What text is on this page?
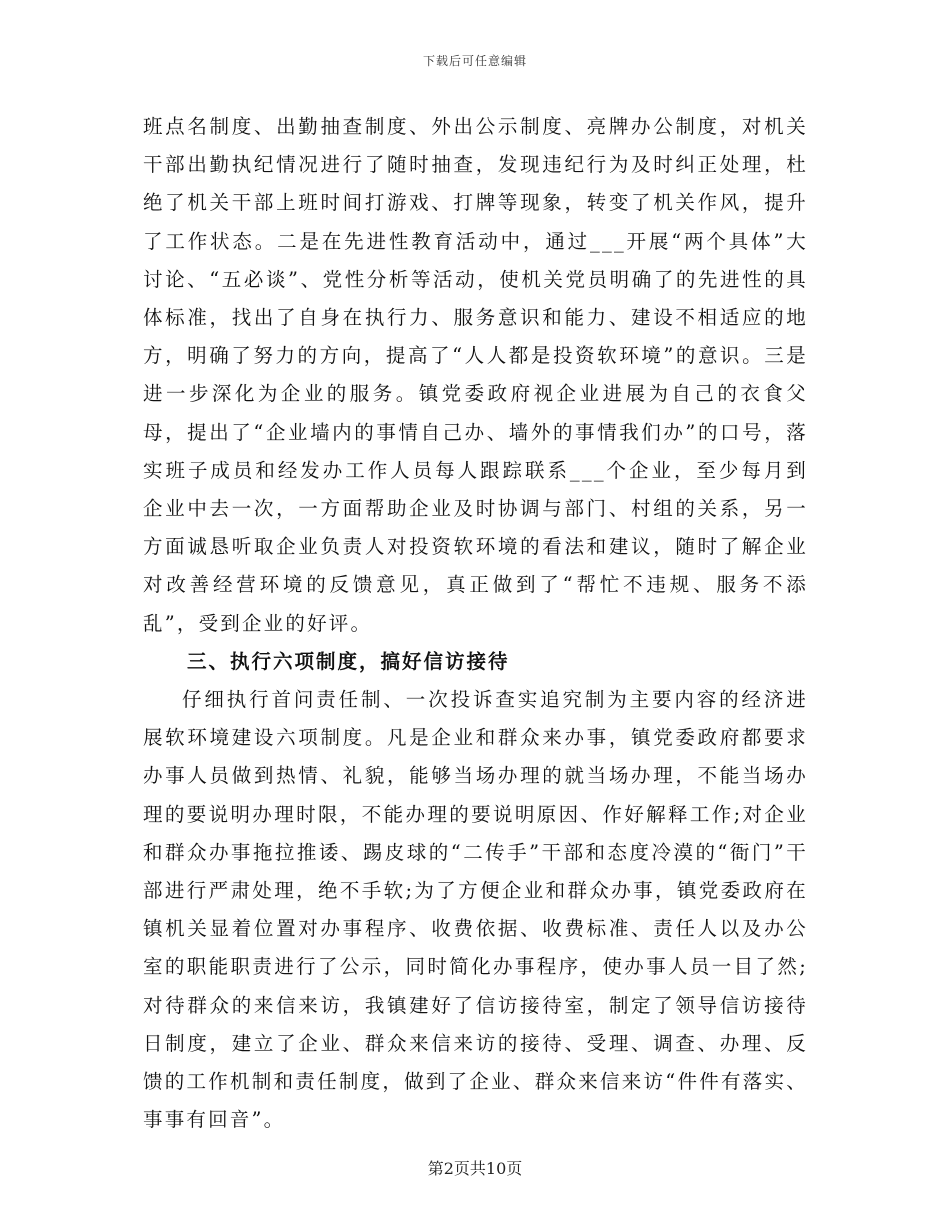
下载后可任意编辑

班点名制度、出勤抽查制度、外出公示制度、亮牌办公制度，对机关干部出勤执纪情况进行了随时抽查，发现违纪行为及时纠正处理，杜绝了机关干部上班时间打游戏、打牌等现象，转变了机关作风，提升了工作状态。二是在先进性教育活动中，通过___开展“两个具体”大讨论、“五必谈”、党性分析等活动，使机关党员明确了的先进性的具体标准，找出了自身在执行力、服务意识和能力、建设不相适应的地方，明确了努力的方向，提高了“人人都是投资软环境”的意识。三是进一步深化为企业的服务。镇党委政府视企业进展为自己的衣食父母，提出了“企业墙内的事情自己办、墙外的事情我们办”的口号，落实班子成员和经发办工作人员每人跟踪联系___个企业，至少每月到企业中去一次，一方面帮助企业及时协调与部门、村组的关系，另一方面诚恳听取企业负责人对投资软环境的看法和建议，随时了解企业对改善经营环境的反馈意见，真正做到了“帮忙不违规、服务不添乱”，受到企业的好评。

三、执行六项制度，搞好信访接待

仔细执行首问责任制、一次投诉查实追究制为主要内容的经济进展软环境建设六项制度。凡是企业和群众来办事，镇党委政府都要求办事人员做到热情、礼貌，能够当场办理的就当场办理，不能当场办理的要说明办理时限，不能办理的要说明原因、作好解释工作;对企业和群众办事拖拉推诿、踢皮球的“二传手”干部和态度冷漠的“衙门”干部进行严肃处理，绝不手软;为了方便企业和群众办事，镇党委政府在镇机关显着位置对办事程序、收费依据、收费标准、责任人以及办公室的职能职责进行了公示，同时简化办事程序，使办事人员一目了然;对待群众的来信来访，我镇建好了信访接待室，制定了领导信访接待日制度，建立了企业、群众来信来访的接待、受理、调查、办理、反馈的工作机制和责任制度，做到了企业、群众来信来访“件件有落实、事事有回音”。

第2页共10页
